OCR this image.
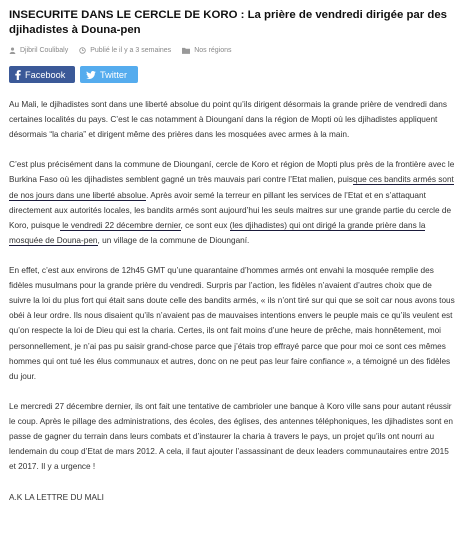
INSECURITE DANS LE CERCLE DE KORO : La prière de vendredi dirigée par des djihadistes à Douna-pen
Djibril Coulibaly	Publié le il y a 3 semaines	Nos régions
Facebook	Twitter

Au Mali, le djihadistes sont dans une liberté absolue du point qu’ils dirigent désormais la grande prière de vendredi dans certaines localités du pays. C’est le cas notamment à Diounganí dans la région de Mopti où les djihadistes appliquent désormais “la charia” et dirigent même des prières dans les mosquées avec armes à la main.

C’est plus précisément dans la commune de Diounganí, cercle de Koro et région de Mopti plus près de la frontière avec le Burkina Faso où les djihadistes semblent gagné un très mauvais pari contre l’Etat malien, puisque ces bandits armés sont de nos jours dans une liberté absolue. Après avoir semé la terreur en pillant les services de l’Etat et en s’attaquant directement aux autorités locales, les bandits armés sont aujourd’hui les seuls maitres sur une grande partie du cercle de Koro, puisque le vendredi 22 décembre dernier, ce sont eux (les djihadistes) qui ont dirigé la grande prière dans la mosquée de Douna-pen, un village de la commune de Diounganí.

En effet, c’est aux environs de 12h45 GMT qu’une quarantaine d’hommes armés ont envahi la mosquée remplie des fidèles musulmans pour la grande prière du vendredi. Surpris par l’action, les fidèles n’avaient d’autres choix que de suivre la loi du plus fort qui était sans doute celle des bandits armés, « ils n’ont tiré sur qui que se soit car nous avons tous obéi à leur ordre. Ils nous disaient qu’ils n’avaient pas de mauvaises intentions envers le peuple mais ce qu’ils veulent est qu’on respecte la loi de Dieu qui est la charia. Certes, ils ont fait moins d’une heure de prêche, mais honnêtement, moi personnellement, je n’ai pas pu saisir grand-chose parce que j’étais trop effrayé parce que pour moi ce sont ces mêmes hommes qui ont tué les élus communaux et autres, donc on ne peut pas leur faire confiance », a témoigné un des fidèles du jour.

Le mercredi 27 décembre dernier, ils ont fait une tentative de cambrioler une banque à Koro ville sans pour autant réussir le coup. Après le pillage des administrations, des écoles, des églises, des antennes téléphoniques, les djihadistes sont en passe de gagner du terrain dans leurs combats et d’instaurer la charia à travers le pays, un projet qu’ils ont nourri au lendemain du coup d’Etat de mars 2012. A cela, il faut ajouter l’assassinant de deux leaders communautaires entre 2015 et 2017. Il y a urgence !

A.K LA LETTRE DU MALI
